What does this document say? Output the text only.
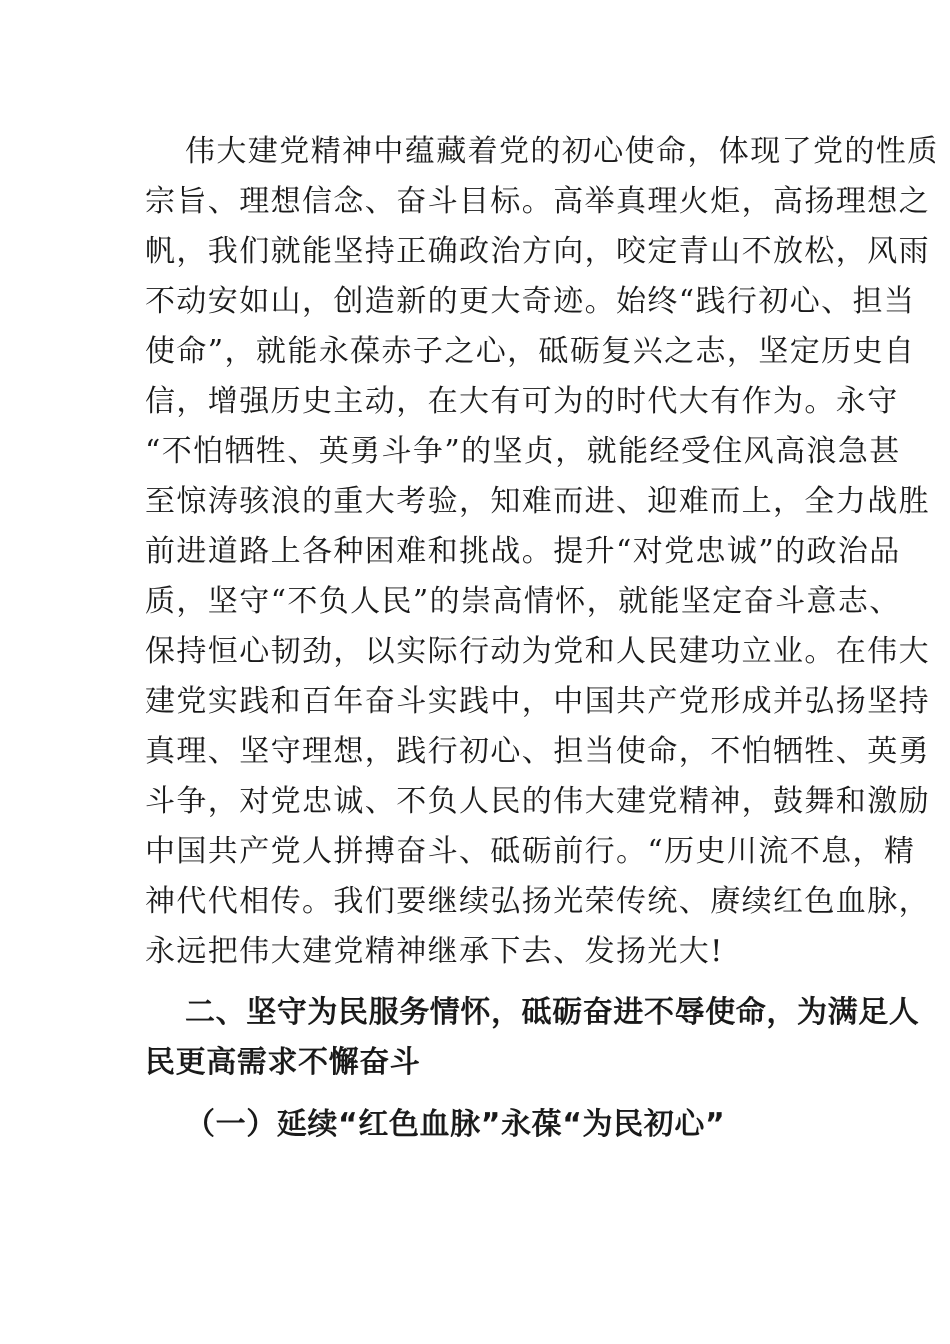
伟大建党精神中蕴藏着党的初心使命，体现了党的性质
宗旨、理想信念、奋斗目标。高举真理火炬，高扬理想之
帆，我们就能坚持正确政治方向，咬定青山不放松，风雨
不动安如山，创造新的更大奇迹。始终“践行初心、担当
使命”，就能永葆赤子之心，砥砺复兴之志，坚定历史自
信，增强历史主动，在大有可为的时代大有作为。永守
“不怕牺牲、英勇斗争”的坚贞，就能经受住风高浪急甚
至惊涛骇浪的重大考验，知难而进、迎难而上，全力战胜
前进道路上各种困难和挑战。提升“对党忠诚”的政治品
质，坚守“不负人民”的崇高情怀，就能坚定奋斗意志、
保持恒心韧劲，以实际行动为党和人民建功立业。在伟大
建党实践和百年奋斗实践中，中国共产党形成并弘扬坚持
真理、坚守理想，践行初心、担当使命，不怕牺牲、英勇
斗争，对党忠诚、不负人民的伟大建党精神，鼓舞和激励
中国共产党人拼搏奋斗、砥砺前行。“历史川流不息，精
神代代相传。我们要继续弘扬光荣传统、赓续红色血脉，
永远把伟大建党精神继承下去、发扬光大!
二、坚守为民服务情怀，砥砺奋进不辱使命，为满足人
民更高需求不懈奋斗
（一）延续“红色血脉”永葆“为民初心”
